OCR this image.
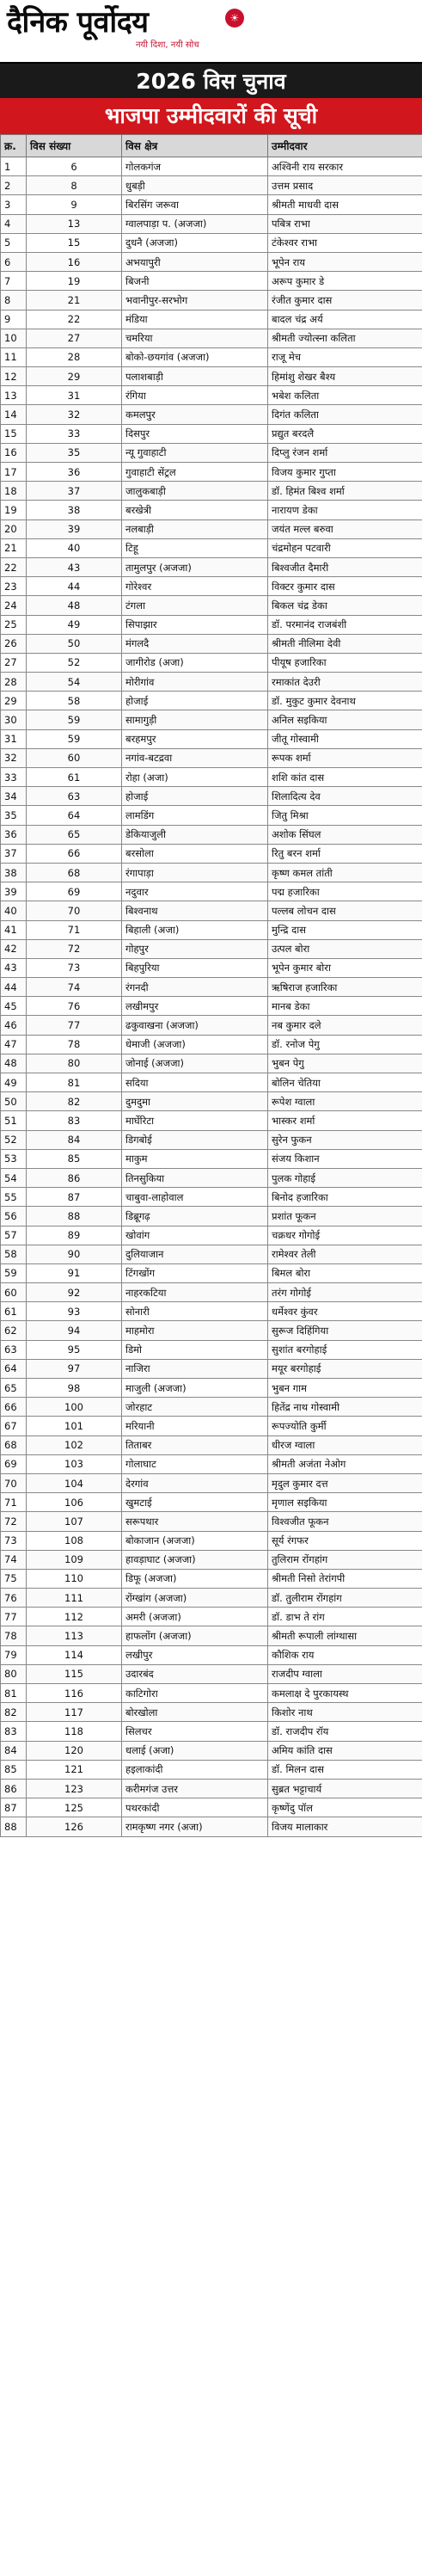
दैनिक पूर्वोदय
नयी दिशा, नयी सोच
☀
2026 विस चुनाव
भाजपा उम्मीदवारों की सूची
क्र.	विस संख्या	विस क्षेत्र	उम्मीदवार
1	6	गोलकगंज	अश्विनी राय सरकार
2	8	धुबड़ी	उत्तम प्रसाद
3	9	बिरसिंग जरूवा	श्रीमती माधवी दास
4	13	ग्वालपाड़ा प. (अजजा)	पबित्र राभा
5	15	दुधनै (अजजा)	टंकेश्वर राभा
6	16	अभयापुरी	भूपेन राय
7	19	बिजनी	अरूप कुमार डे
8	21	भवानीपुर-सरभोग	रंजीत कुमार दास
9	22	मंडिया	बादल चंद्र अर्य
10	27	चमरिया	श्रीमती ज्योत्स्ना कलिता
11	28	बोको-छयगांव (अजजा)	राजू मेच
12	29	पलाशबाड़ी	हिमांशु शेखर बैश्य
13	31	रंगिया	भबेश कलिता
14	32	कमलपुर	दिगंत कलिता
15	33	दिसपुर	प्रद्युत बरदलै
16	35	न्यू गुवाहाटी	दिप्लु रंजन शर्मा
17	36	गुवाहाटी सेंट्रल	विजय कुमार गुप्ता
18	37	जालुकबाड़ी	डॉ. हिमंत बिश्व शर्मा
19	38	बरखेत्री	नारायण डेका
20	39	नलबाड़ी	जयंत मल्ल बरुवा
21	40	टिहू	चंद्रमोहन पटवारी
22	43	तामुलपुर (अजजा)	बिश्वजीत दैमारी
23	44	गोरेश्वर	विक्टर कुमार दास
24	48	टंगला	बिकल चंद्र डेका
25	49	सिपाझार	डॉ. परमानंद राजबंशी
26	50	मंगलदै	श्रीमती नीलिमा देवी
27	52	जागीरोड (अजा)	पीयूष हजारिका
28	54	मोरीगांव	रमाकांत देउरी
29	58	होजाई	डॉ. मुकुट कुमार देवनाथ
30	59	सामागुड़ी	अनिल सइकिया
31	59	बरहमपुर	जीतू गोस्वामी
32	60	नगांव-बटद्रवा	रूपक शर्मा
33	61	रोहा (अजा)	शशि कांत दास
34	63	होजाई	शिलादित्य देव
35	64	लामडिंग	जितु मिश्रा
36	65	डेकियाजुली	अशोक सिंघल
37	66	बरसोला	रितु बरन शर्मा
38	68	रंगापाड़ा	कृष्ण कमल तांती
39	69	नदुवार	पद्म हजारिका
40	70	बिश्वनाथ	पल्लब लोचन दास
41	71	बिहाली (अजा)	मुन्द्रि दास
42	72	गोहपुर	उत्पल बोरा
43	73	बिहपुरिया	भूपेन कुमार बोरा
44	74	रंगनदी	ऋषिराज हजारिका
45	76	लखीमपुर	मानब डेका
46	77	ढकुवाखना (अजजा)	नब कुमार दले
47	78	धेमाजी (अजजा)	डॉ. रनोज पेगु
48	80	जोनाई (अजजा)	भुबन पेगु
49	81	सदिया	बोलिन चेतिया
50	82	दुमदुमा	रूपेश ग्वाला
51	83	मार्घेरिटा	भास्कर शर्मा
52	84	डिगबोई	सुरेन फुकन
53	85	माकुम	संजय किशान
54	86	तिनसुकिया	पुलक गोहाई
55	87	चाबुवा-लाहोवाल	बिनोद हजारिका
56	88	डिब्रूगढ़	प्रशांत फूकन
57	89	खोवांग	चक्रधर गोगोई
58	90	दुलियाजान	रामेश्वर तेली
59	91	टिंगखोंग	बिमल बोरा
60	92	नाहरकटिया	तरंग गोगोई
61	93	सोनारी	धर्मेश्वर कुंवर
62	94	माहमोरा	सुरूज दिहिंगिया
63	95	डिमो	सुशांत बरगोहाई
64	97	नाजिरा	मयूर बरगोहाई
65	98	माजुली (अजजा)	भुबन गाम
66	100	जोरहाट	हितेंद्र नाथ गोस्वामी
67	101	मरियानी	रूपज्योति कुर्मी
68	102	तिताबर	धीरज ग्वाला
69	103	गोलाघाट	श्रीमती अजंता नेओग
70	104	देरगांव	मृदुल कुमार दत्त
71	106	खुमटाई	मृणाल सइकिया
72	107	सरूपथार	विश्वजीत फूकन
73	108	बोकाजान (अजजा)	सूर्य रंगफर
74	109	हावड़ाघाट (अजजा)	तुलिराम रोंगहांग
75	110	डिफू (अजजा)	श्रीमती निसो तेरांगपी
76	111	रोंग्खांग (अजजा)	डॉ. तुलीराम रोंगहांग
77	112	अमरी (अजजा)	डॉ. डाभ ते रांग
78	113	हाफलोंग (अजजा)	श्रीमती रूपाली लांग्थासा
79	114	लखीपुर	कौशिक राय
80	115	उदारबंद	राजदीप ग्वाला
81	116	काटिगोरा	कमलाक्ष दे पुरकायस्थ
82	117	बोरखोला	किशोर नाथ
83	118	सिलचर	डॉ. राजदीप रॉय
84	120	धलाई (अजा)	अमिय कांति दास
85	121	हइलाकांदी	डॉ. मिलन दास
86	123	करीमगंज उत्तर	सुब्रत भट्टाचार्य
87	125	पथरकांदी	कृष्णेंदु पॉल
88	126	रामकृष्ण नगर (अजा)	विजय मालाकार
